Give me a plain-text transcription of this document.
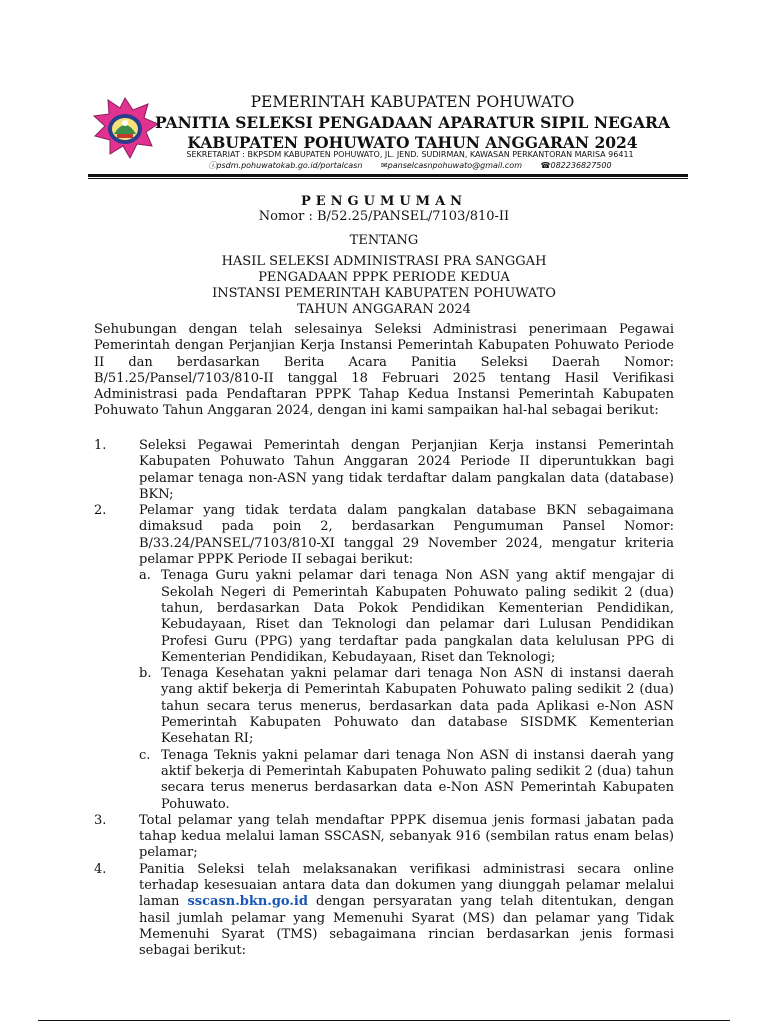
PEMERINTAH KABUPATEN POHUWATO
PANITIA SELEKSI PENGADAAN APARATUR SIPIL NEGARA
KABUPATEN POHUWATO TAHUN ANGGARAN 2024
SEKRETARIAT : BKPSDM KABUPATEN POHUWATO, JL. JEND. SUDIRMAN, KAWASAN PERKANTORAN MARISA 96411
ⓘpsdm.pohuwatokab.go.id/portalcasn ✉panselcasnpohuwato@gmail.com ☎082236827500
PENGUMUMAN
Nomor : B/52.25/PANSEL/7103/810-II
TENTANG
HASIL SELEKSI ADMINISTRASI PRA SANGGAH
PENGADAAN PPPK PERIODE KEDUA
INSTANSI PEMERINTAH KABUPATEN POHUWATO
TAHUN ANGGARAN 2024
Sehubungan dengan telah selesainya Seleksi Administrasi penerimaan Pegawai Pemerintah dengan Perjanjian Kerja Instansi Pemerintah Kabupaten Pohuwato Periode II dan berdasarkan Berita Acara Panitia Seleksi Daerah Nomor: B/51.25/Pansel/7103/810-II tanggal 18 Februari 2025 tentang Hasil Verifikasi Administrasi pada Pendaftaran PPPK Tahap Kedua Instansi Pemerintah Kabupaten Pohuwato Tahun Anggaran 2024, dengan ini kami sampaikan hal-hal sebagai berikut:
1.	Seleksi Pegawai Pemerintah dengan Perjanjian Kerja instansi Pemerintah Kabupaten Pohuwato Tahun Anggaran 2024 Periode II diperuntukkan bagi pelamar tenaga non-ASN yang tidak terdaftar dalam pangkalan data (database) BKN;
2.	Pelamar yang tidak terdata dalam pangkalan database BKN sebagaimana dimaksud pada poin 2, berdasarkan Pengumuman Pansel Nomor: B/33.24/PANSEL/7103/810-XI tanggal 29 November 2024, mengatur kriteria pelamar PPPK Periode II sebagai berikut:
a. Tenaga Guru yakni pelamar dari tenaga Non ASN yang aktif mengajar di Sekolah Negeri di Pemerintah Kabupaten Pohuwato paling sedikit 2 (dua) tahun, berdasarkan Data Pokok Pendidikan Kementerian Pendidikan, Kebudayaan, Riset dan Teknologi dan pelamar dari Lulusan Pendidikan Profesi Guru (PPG) yang terdaftar pada pangkalan data kelulusan PPG di Kementerian Pendidikan, Kebudayaan, Riset dan Teknologi;
b. Tenaga Kesehatan yakni pelamar dari tenaga Non ASN di instansi daerah yang aktif bekerja di Pemerintah Kabupaten Pohuwato paling sedikit 2 (dua) tahun secara terus menerus, berdasarkan data pada Aplikasi e-Non ASN Pemerintah Kabupaten Pohuwato dan database SISDMK Kementerian Kesehatan RI;
c. Tenaga Teknis yakni pelamar dari tenaga Non ASN di instansi daerah yang aktif bekerja di Pemerintah Kabupaten Pohuwato paling sedikit 2 (dua) tahun secara terus menerus berdasarkan data e-Non ASN Pemerintah Kabupaten Pohuwato.
3.	Total pelamar yang telah mendaftar PPPK disemua jenis formasi jabatan pada tahap kedua melalui laman SSCASN, sebanyak 916 (sembilan ratus enam belas) pelamar;
4.	Panitia Seleksi telah melaksanakan verifikasi administrasi secara online terhadap kesesuaian antara data dan dokumen yang diunggah pelamar melalui laman sscasn.bkn.go.id dengan persyaratan yang telah ditentukan, dengan hasil jumlah pelamar yang Memenuhi Syarat (MS) dan pelamar yang Tidak Memenuhi Syarat (TMS) sebagaimana rincian berdasarkan jenis formasi sebagai berikut:
